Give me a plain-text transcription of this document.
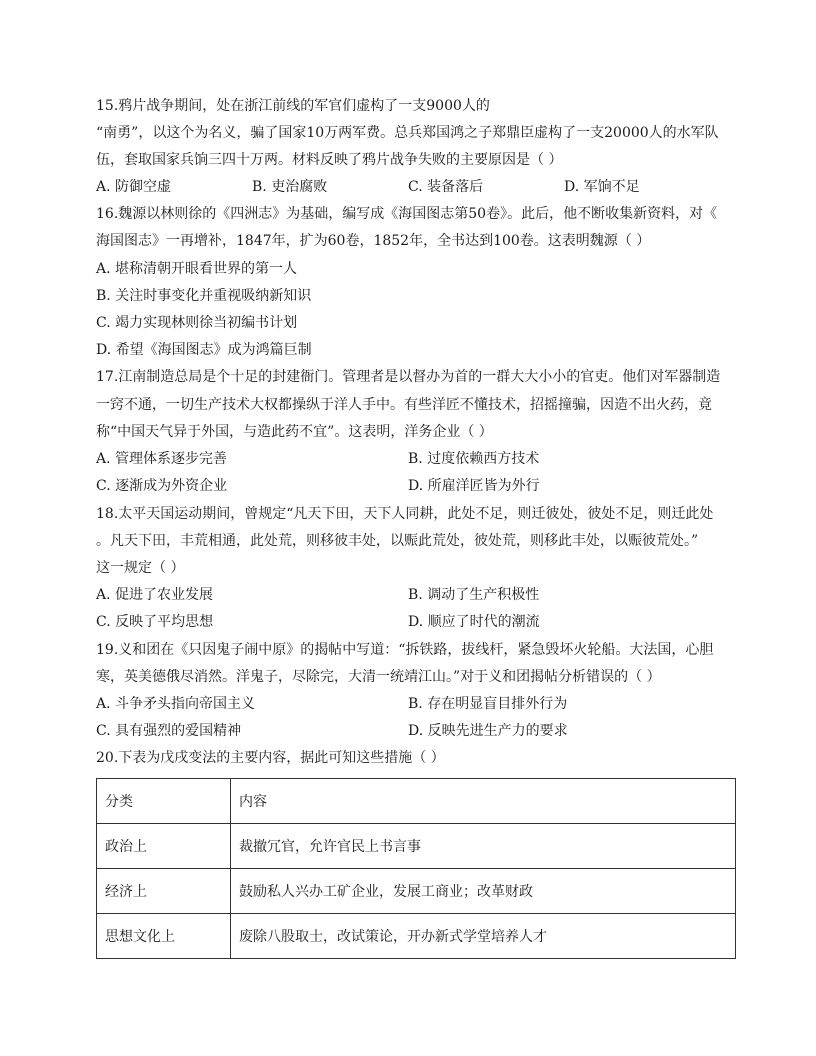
15.鸦片战争期间，处在浙江前线的军官们虚构了一支9000人的
“南勇”，以这个为名义，骗了国家10万两军费。总兵郑国鸿之子郑鼎臣虚构了一支20000人的水军队
伍，套取国家兵饷三四十万两。材料反映了鸦片战争失败的主要原因是（ ）
A. 防御空虚	B. 吏治腐败	C. 装备落后	D. 军饷不足
16.魏源以林则徐的《四洲志》为基础，编写成《海国图志第50卷》。此后，他不断收集新资料，对《
海国图志》一再增补，1847年，扩为60卷，1852年，全书达到100卷。这表明魏源（ ）
A. 堪称清朝开眼看世界的第一人
B. 关注时事变化并重视吸纳新知识
C. 竭力实现林则徐当初编书计划
D. 希望《海国图志》成为鸿篇巨制
17.江南制造总局是个十足的封建衙门。管理者是以督办为首的一群大大小小的官吏。他们对军器制造
一窍不通，一切生产技术大权都操纵于洋人手中。有些洋匠不懂技术，招摇撞骗，因造不出火药，竟
称“中国天气异于外国，与造此药不宜”。这表明，洋务企业（ ）
A. 管理体系逐步完善	B. 过度依赖西方技术
C. 逐渐成为外资企业	D. 所雇洋匠皆为外行
18.太平天国运动期间，曾规定“凡天下田，天下人同耕，此处不足，则迁彼处，彼处不足，则迁此处
。凡天下田，丰荒相通，此处荒，则移彼丰处，以赈此荒处，彼处荒，则移此丰处，以赈彼荒处。”
这一规定（ ）
A. 促进了农业发展	B. 调动了生产积极性
C. 反映了平均思想	D. 顺应了时代的潮流
19.义和团在《只因鬼子闹中原》的揭帖中写道：“拆铁路，拔线杆，紧急毁坏火轮船。大法国，心胆
寒，英美德俄尽消然。洋鬼子，尽除完，大清一统靖江山。”对于义和团揭帖分析错误的（ ）
A. 斗争矛头指向帝国主义	B. 存在明显盲目排外行为
C. 具有强烈的爱国精神	D. 反映先进生产力的要求
20.下表为戊戌变法的主要内容，据此可知这些措施（ ）
分类	内容
政治上	裁撤冗官，允许官民上书言事
经济上	鼓励私人兴办工矿企业，发展工商业；改革财政
思想文化上	废除八股取士，改试策论，开办新式学堂培养人才
